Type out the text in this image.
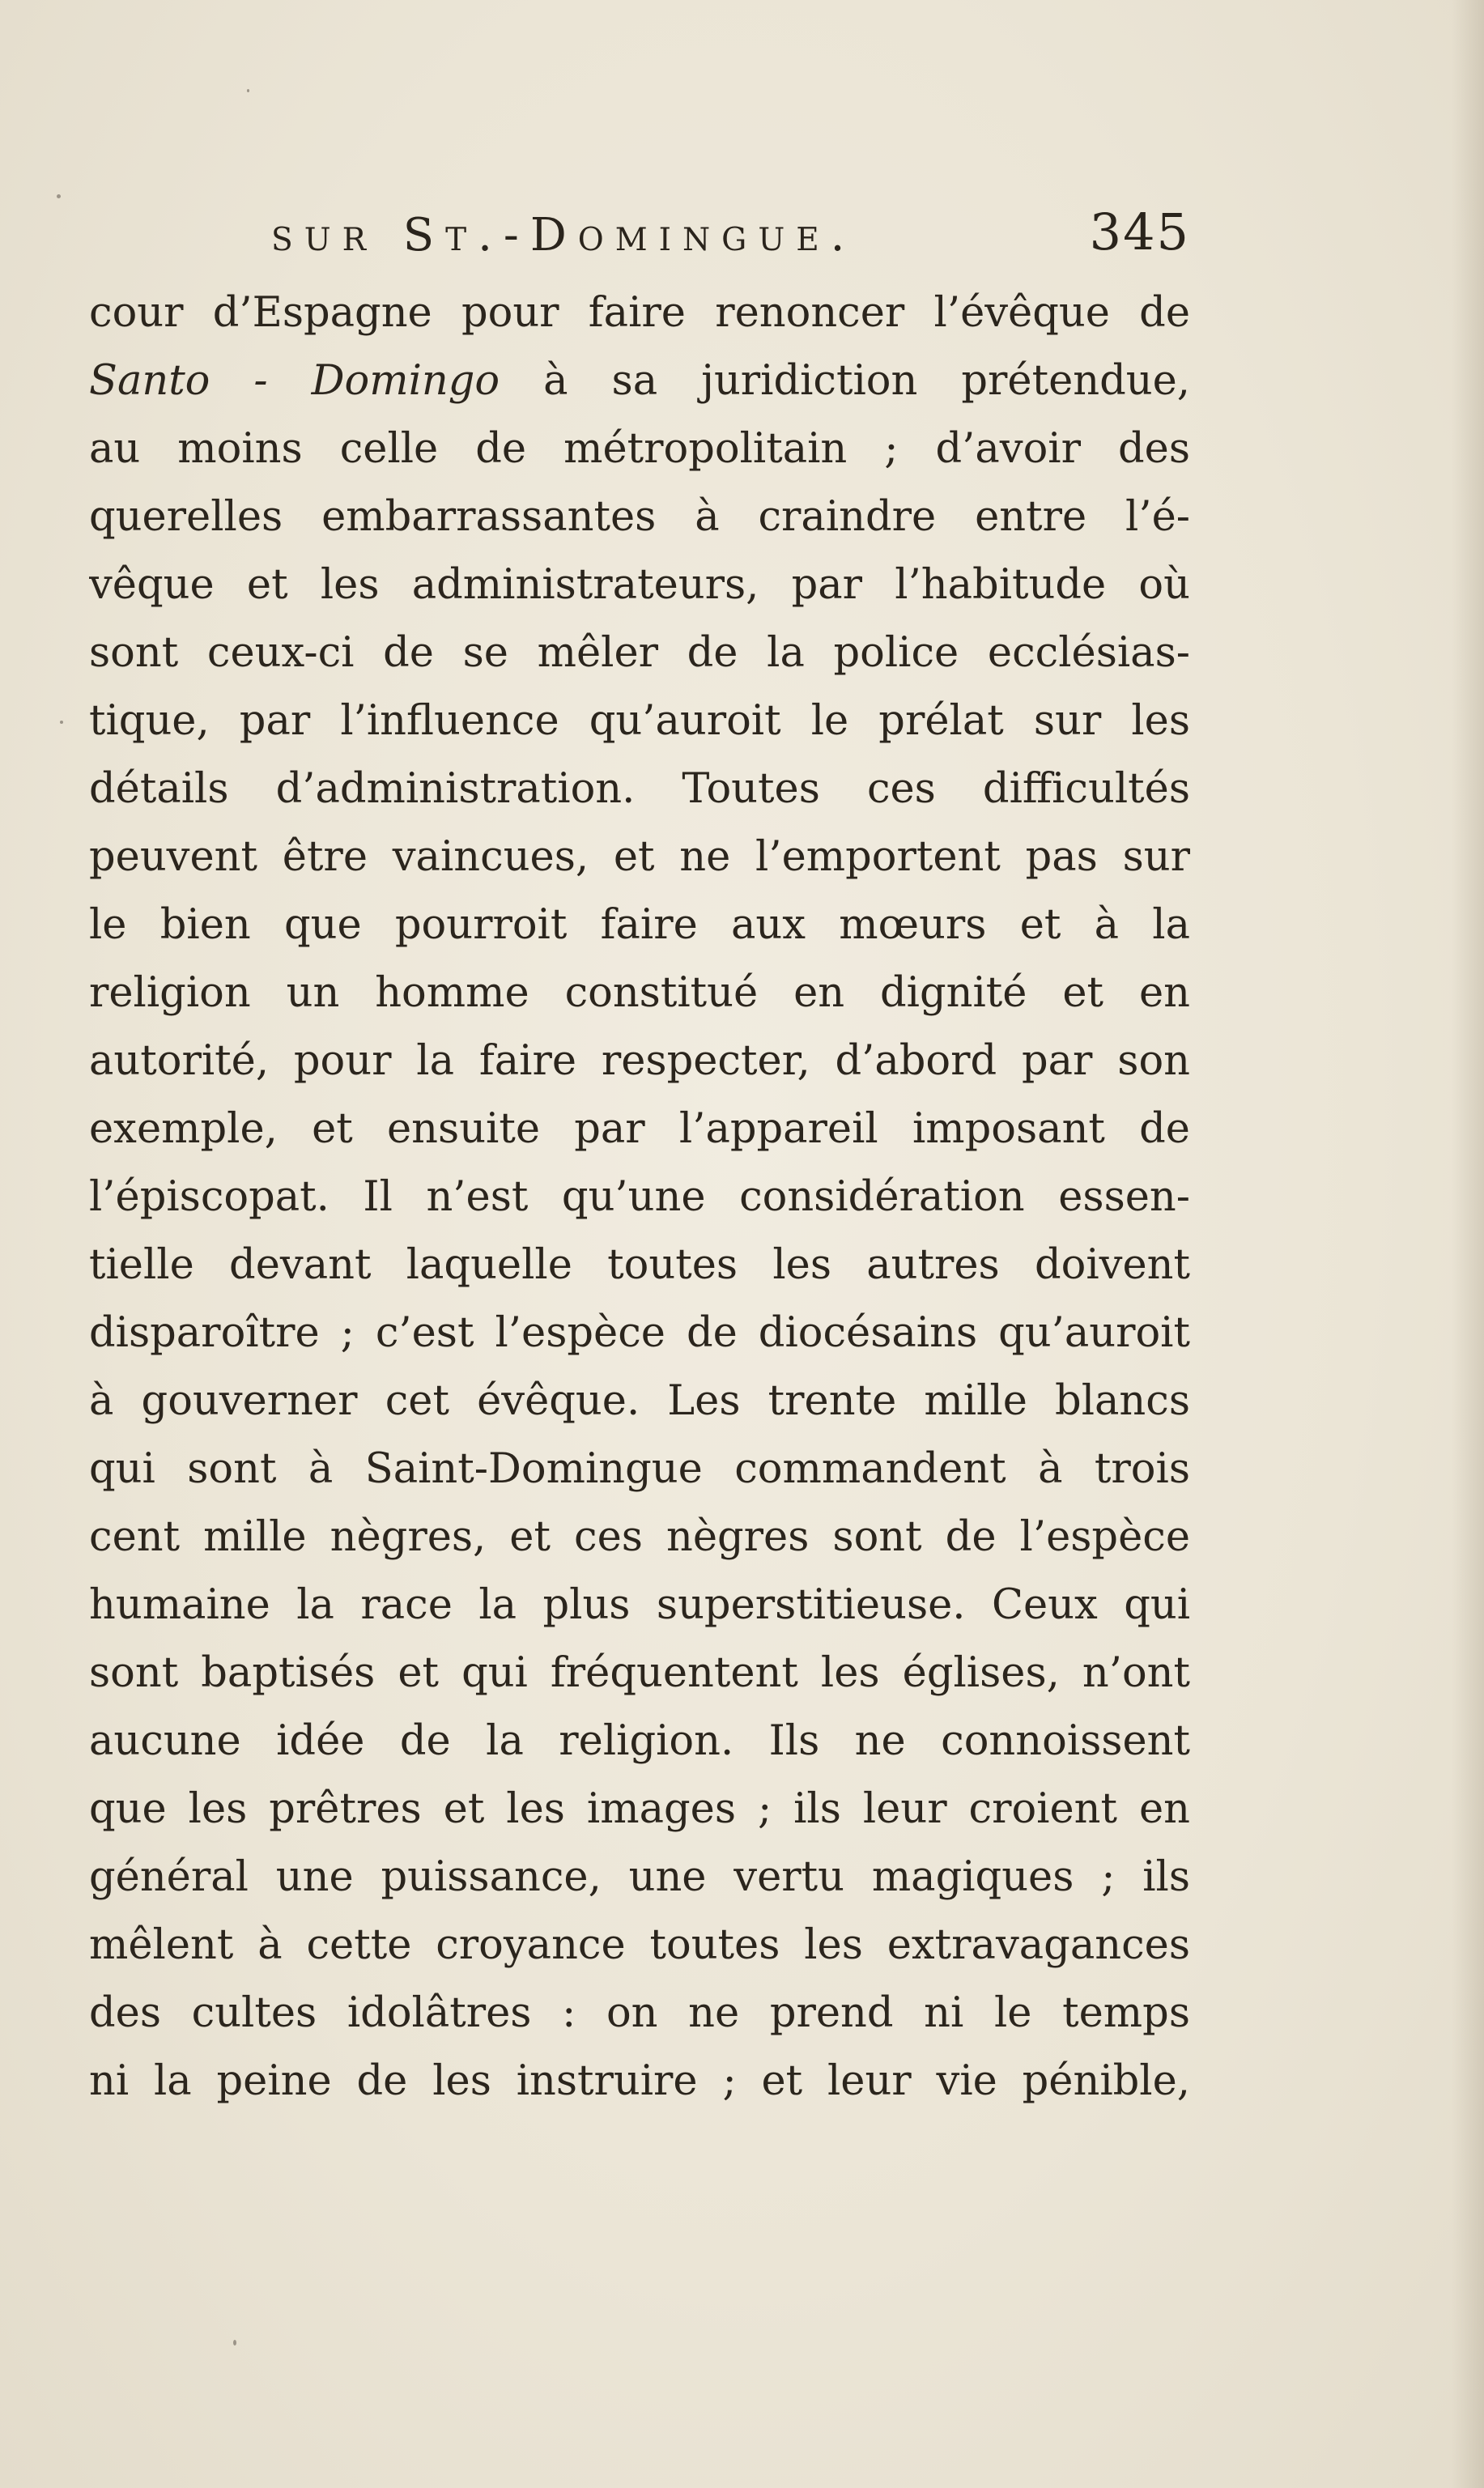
sur St.-Domingue.	345
cour d’Espagne pour faire renoncer l’évêque de
Santo - Domingo à sa juridiction prétendue,
au moins celle de métropolitain ; d’avoir des
querelles embarrassantes à craindre entre l’é-
vêque et les administrateurs, par l’habitude où
sont ceux-ci de se mêler de la police ecclésias-
tique, par l’influence qu’auroit le prélat sur les
détails d’administration. Toutes ces difficultés
peuvent être vaincues, et ne l’emportent pas sur
le bien que pourroit faire aux mœurs et à la
religion un homme constitué en dignité et en
autorité, pour la faire respecter, d’abord par son
exemple, et ensuite par l’appareil imposant de
l’épiscopat. Il n’est qu’une considération essen-
tielle devant laquelle toutes les autres doivent
disparoître ; c’est l’espèce de diocésains qu’auroit
à gouverner cet évêque. Les trente mille blancs
qui sont à Saint-Domingue commandent à trois
cent mille nègres, et ces nègres sont de l’espèce
humaine la race la plus superstitieuse. Ceux qui
sont baptisés et qui fréquentent les églises, n’ont
aucune idée de la religion. Ils ne connoissent
que les prêtres et les images ; ils leur croient en
général une puissance, une vertu magiques ; ils
mêlent à cette croyance toutes les extravagances
des cultes idolâtres : on ne prend ni le temps
ni la peine de les instruire ; et leur vie pénible,
